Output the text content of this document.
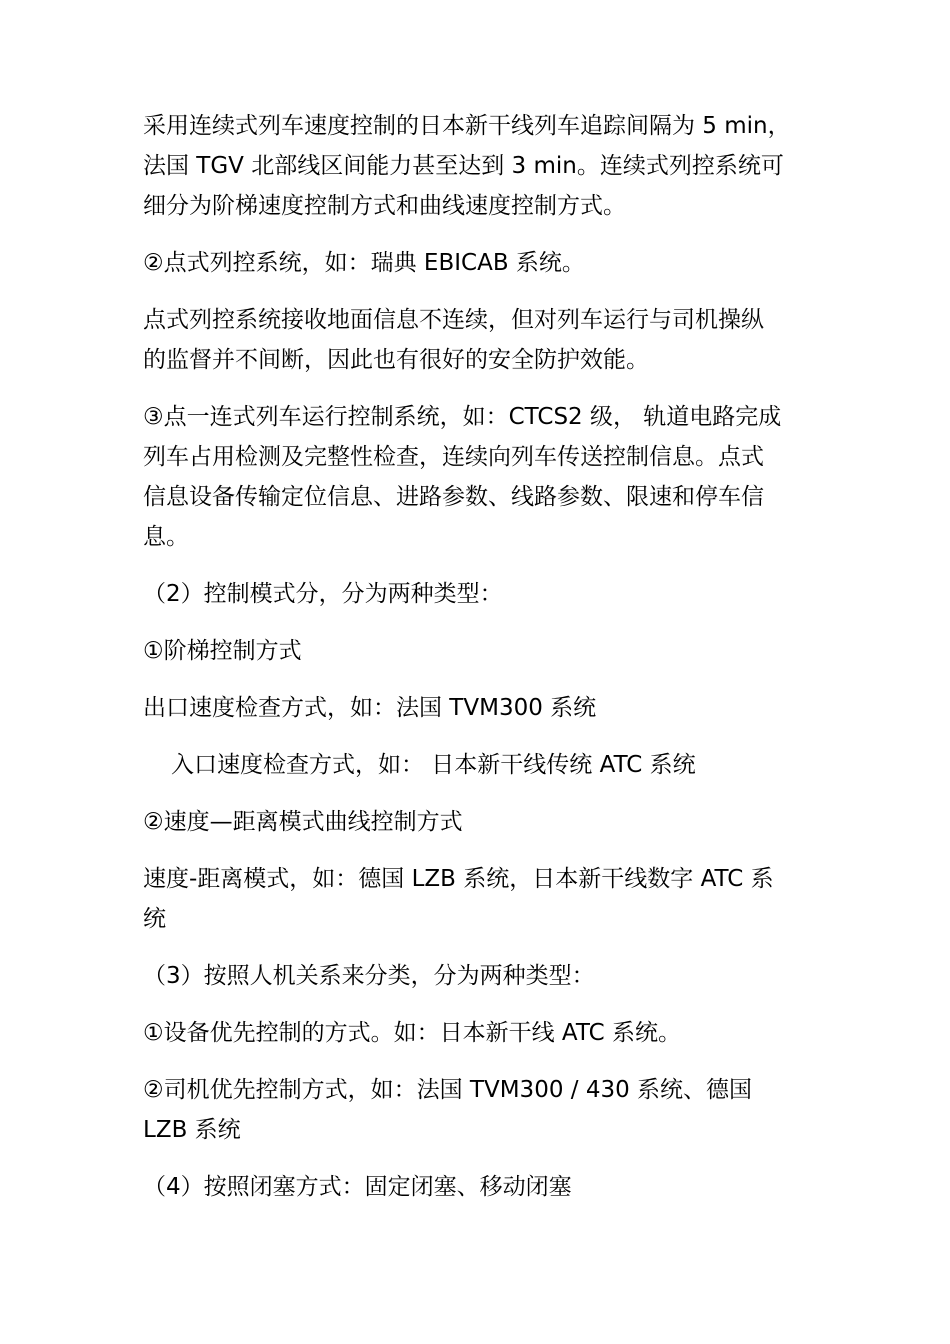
采用连续式列车速度控制的日本新干线列车追踪间隔为 5 min，
法国 TGV 北部线区间能力甚至达到 3 min。连续式列控系统可
细分为阶梯速度控制方式和曲线速度控制方式。
②点式列控系统，如：瑞典 EBICAB 系统。
点式列控系统接收地面信息不连续，但对列车运行与司机操纵
的监督并不间断，因此也有很好的安全防护效能。
③点一连式列车运行控制系统，如：CTCS2 级， 轨道电路完成
列车占用检测及完整性检查，连续向列车传送控制信息。点式
信息设备传输定位信息、进路参数、线路参数、限速和停车信
息。
（2）控制模式分，分为两种类型：
①阶梯控制方式
出口速度检查方式，如：法国 TVM300 系统
入口速度检查方式，如： 日本新干线传统 ATC 系统
②速度—距离模式曲线控制方式
速度-距离模式，如：德国 LZB 系统，日本新干线数字 ATC 系
统
（3）按照人机关系来分类，分为两种类型：
①设备优先控制的方式。如：日本新干线 ATC 系统。
②司机优先控制方式，如：法国 TVM300 / 430 系统、德国
LZB 系统
（4）按照闭塞方式：固定闭塞、移动闭塞
